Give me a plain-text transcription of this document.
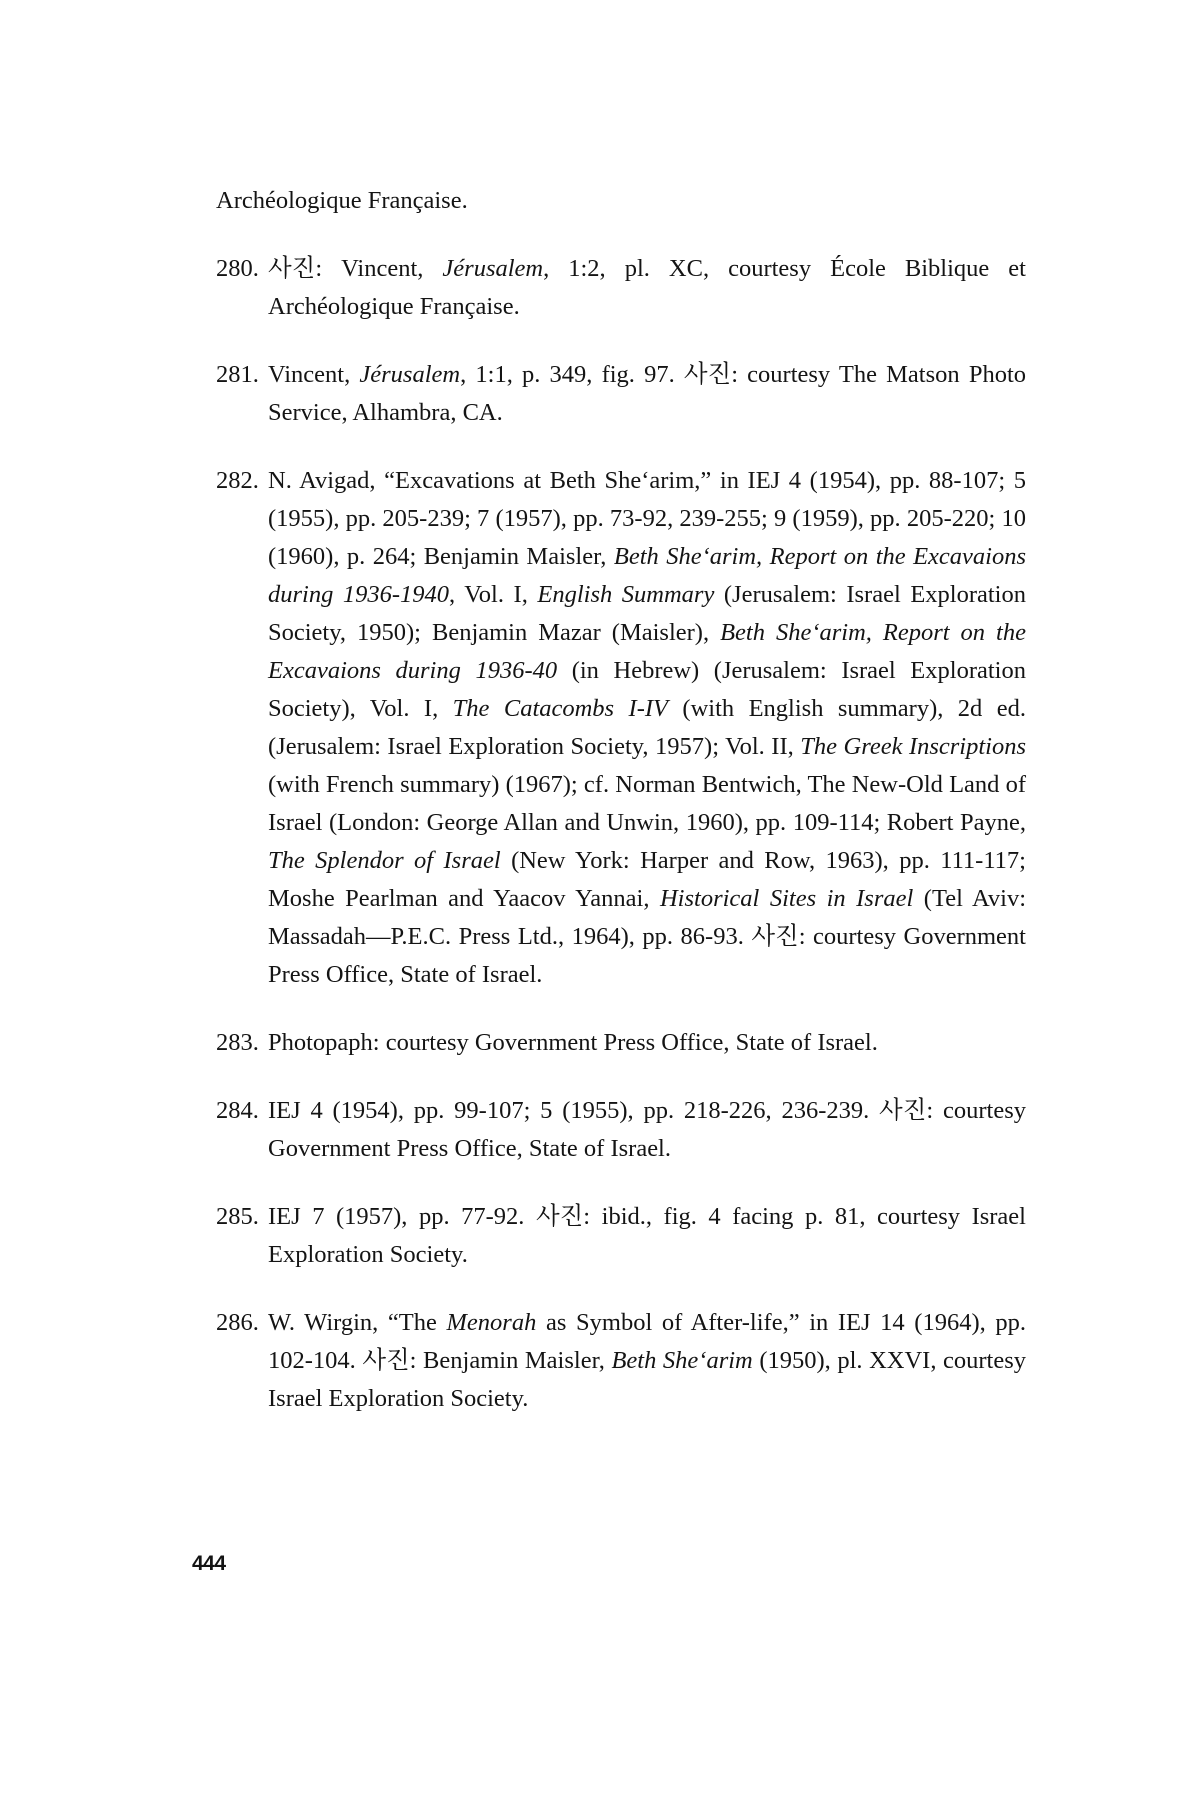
Archéologique Française.

280. 사진: Vincent, Jérusalem, 1:2, pl. XC, courtesy École Biblique et Archéologique Française.

281. Vincent, Jérusalem, 1:1, p. 349, fig. 97. 사진: courtesy The Matson Photo Service, Alhambra, CA.

282. N. Avigad, “Excavations at Beth She‘arim,” in IEJ 4 (1954), pp. 88-107; 5 (1955), pp. 205-239; 7 (1957), pp. 73-92, 239-255; 9 (1959), pp. 205-220; 10 (1960), p. 264; Benjamin Maisler, Beth She‘arim, Report on the Excavaions during 1936-1940, Vol. I, English Summary (Jerusalem: Israel Exploration Society, 1950); Benjamin Mazar (Maisler), Beth She‘arim, Report on the Excavaions during 1936-40 (in Hebrew) (Jerusalem: Israel Exploration Society), Vol. I, The Catacombs I-IV (with English summary), 2d ed. (Jerusalem: Israel Exploration Society, 1957); Vol. II, The Greek Inscriptions (with French summary) (1967); cf. Norman Bentwich, The New-Old Land of Israel (London: George Allan and Unwin, 1960), pp. 109-114; Robert Payne, The Splendor of Israel (New York: Harper and Row, 1963), pp. 111-117; Moshe Pearlman and Yaacov Yannai, Historical Sites in Israel (Tel Aviv: Massadah—P.E.C. Press Ltd., 1964), pp. 86-93. 사진: courtesy Government Press Office, State of Israel.

283. Photopaph: courtesy Government Press Office, State of Israel.

284. IEJ 4 (1954), pp. 99-107; 5 (1955), pp. 218-226, 236-239. 사진: courtesy Government Press Office, State of Israel.

285. IEJ 7 (1957), pp. 77-92. 사진: ibid., fig. 4 facing p. 81, courtesy Israel Exploration Society.

286. W. Wirgin, “The Menorah as Symbol of After-life,” in IEJ 14 (1964), pp. 102-104. 사진: Benjamin Maisler, Beth She‘arim (1950), pl. XXVI, courtesy Israel Exploration Society.

444
